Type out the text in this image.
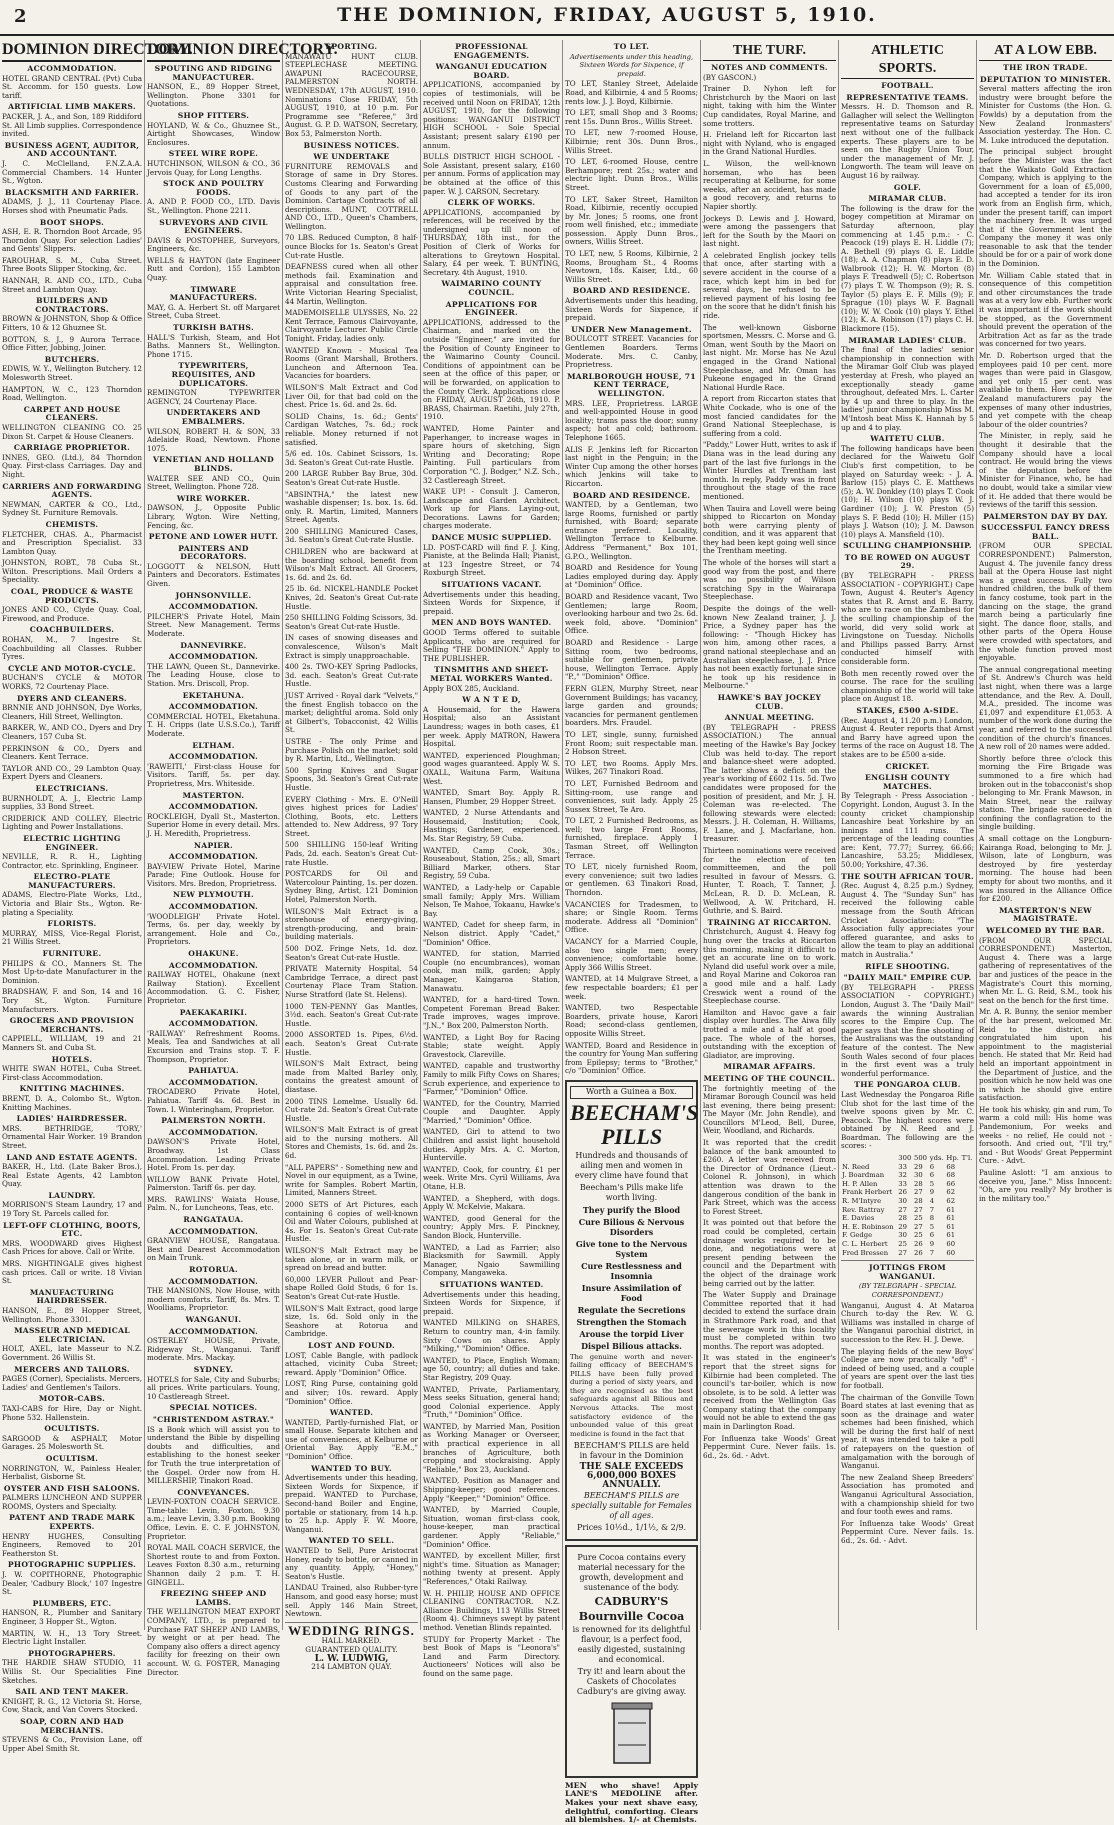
2	THE DOMINION, FRIDAY, AUGUST 5, 1910.
DOMINION DIRECTORY.
ACCOMMODATION.
HOTEL GRAND CENTRAL (Pvt) Cuba St. Accomm. for 150 guests. Low tariff.
ARTIFICIAL LIMB MAKERS.
PACKER, J. A., and Son, 189 Riddiford St. All Limb supplies. Correspondence invited.
BUSINESS AGENT, AUDITOR, AND ACCOUNTANT.
J. C. McClelland, F.N.Z.A.A. Commercial Chambers. 14 Hunter St., Wgton.
BLACKSMITH AND FARRIER.
ADAMS, J. J., 11 Courtenay Place. Horses shod with Pneumatic Pads.
BOOT SHOPS.
ASH, E. R. Thorndon Boot Arcade, 95 Thorndon Quay. For selection Ladies' and Gents' Slippers.
FAROUHAR, S. M., Cuba Street. Three Boots Slipper Stocking, &c.
HANNAH, R. AND CO., LTD., Cuba Street and Lambton Quay.
BUILDERS AND CONTRACTORS.
BROWN & JOHNSTON, Shop & Office Fitters, 10 & 12 Ghuznee St.
BOTTON, S. J., 9 Aurora Terrace. Office Fitter, Jobbing, Joiner.
BUTCHERS.
EDWIS, W. Y., Wellington Butchery. 12 Molesworth Street.
HAMPTON, W. C., 123 Thorndon Road, Wellington.
CARPET AND HOUSE CLEANERS.
WELLINGTON CLEANING CO. 25 Dixon St. Carpet & House Cleaners.
CARRIAGE PROPRIETOR.
INNES, GEO. (Ltd.), 84 Thorndon Quay. First-class Carriages. Day and Night.
CARRIERS AND FORWARDING AGENTS.
NEWMAN, CARTER & CO., Ltd., Sydney St. Furniture Removals.
CHEMISTS.
FLETCHER, CHAS. A., Pharmacist and Prescription Specialist. 33 Lambton Quay.
JOHNSTON, ROBT., 78 Cuba St., Wilton. Prescriptions. Mail Orders a Speciality.
COAL, PRODUCE & WASTE PRODUCTS.
JONES AND CO., Clyde Quay. Coal, Firewood, and Produce.
COACHBUILDERS.
ROHAN, M., 7 Ingestre St. Coachbuilding all Classes. Rubber Tyres.
CYCLE AND MOTOR-CYCLE.
BUCHAN'S CYCLE & MOTOR WORKS, 72 Courtenay Place.
DYERS AND CLEANERS.
BRNNIE AND JOHNSON, Dye Works, Cleaners, Hill Street, Wellington.
BARKER, W., AND CO., Dyers and Dry Cleaners, 157 Cuba St.
PERKINSON & CO., Dyers and Cleaners. Kent Terrace.
TAYLOR AND CO., 29 Lambton Quay. Expert Dyers and Cleaners.
ELECTRICIANS.
BURNHOLDT, A. J., Electric Lamp supplies, 33 Bond Street.
CRIDERICK AND COLLEY, Electric Lighting and Power Installations.
ELECTRIC LIGHTING ENGINEER.
NEVILLE, R. R. H., Lighting Contractor, etc. Sprinkling, Engineer.
ELECTRO-PLATE MANUFACTURERS.
ADAMS, Electro-Plate Works, Ltd., Victoria and Blair Sts., Wgton. Re-plating a Speciality.
FLORISTS.
MURRAY, MISS, Vice-Regal Florist, 21 Willis Street.
FURNITURE.
PHILIPS & CO., Manners St. The Most Up-to-date Manufacturer in the Dominion.
BRADSHAW, F. and Son, 14 and 16 Tory St., Wgton. Furniture Manufacturers.
GROCERS AND PROVISION MERCHANTS.
CAPPIELL, WILLIAM, 19 and 21 Manners St. and Cuba St.
HOTELS.
WHITE SWAN HOTEL, Cuba Street. First-class Accommodation.
KNITTING MACHINES.
BRENT, D. A., Colombo St., Wgton. Knitting Machines.
LADIES' HAIRDRESSER.
MRS. BETHRIDGE, 'TORY,' Ornamental Hair Worker. 19 Brandon Street.
LAND AND ESTATE AGENTS.
BAKER, H., Ltd. (Late Baker Bros.), Real Estate Agents, 42 Lambton Quay.
LAUNDRY.
MORRISON'S Steam Laundry, 17 and 19 Tory St. Parcels called for.
LEFT-OFF CLOTHING, BOOTS, ETC.
MRS. WOODWARD gives Highest Cash Prices for above. Call or Write.
MRS. NIGHTINGALE gives highest cash prices. Call or write. 18 Vivian St.
MANUFACTURING HAIRDRESSER.
HANSON, E., 89 Hopper Street, Wellington. Phone 3301.
MASSEUR AND MEDICAL ELECTRICIAN.
HOLT, AXEL, late Masseur to N.Z. Government. 26 Willis St.
MERCERS AND TAILORS.
PAGES (Corner), Specialists. Mercers, Ladies' and Gentlemen's Tailors.
MOTOR-CABS.
TAXI-CABS for Hire, Day or Night. Phone 532. Hallenstein.
OCULTISTS.
SARGOOD & ASPHALT, Motor Garages. 25 Molesworth St.
OCULTISM.
NORRINGTON, W., Painless Healer, Herbalist, Gisborne St.
OYSTER AND FISH SALOONS.
PALMERS LUNCHEON AND SUPPER ROOMS, Oysters and Specialty.
PATENT AND TRADE MARK EXPERTS.
HENRY HUGHES, Consulting Engineers, Removed to 201 Featherston St.
PHOTOGRAPHIC SUPPLIES.
J. W. COPITHORNE, Photographic Dealer, 'Cadbury Block,' 107 Ingestre St.
PLUMBERS, ETC.
HANSON, R., Plumber and Sanitary Engineer, 3 Hopper St., Wgton.
MARTIN, W. H., 13 Tory Street. Electric Light Installer.
PHOTOGRAPHERS.
THE HARDIE SHAW STUDIO, 11 Willis St. Our Specialities Fine Sketches.
SAIL AND TENT MAKER.
KNIGHT, R. G., 12 Victoria St. Horse, Cow, Stack, and Van Covers Stocked.
SOAP, CORN AND HAD MERCHANTS.
STEVENS & Co., Provision Lane, off Upper Abel Smith St.
DOMINION DIRECTORY.
SPOUTING AND RIDGING MANUFACTURER.
HANSON, E., 89 Hopper Street, Wellington. Phone 3301 for Quotations.
SHOP FITTERS.
HOYLAND, W. & Co., Ghuznee St., Airtight Showcases, Window Enclosures.
STEEL WIRE ROPE.
HUTCHINSON, WILSON & CO., 36 Jervois Quay, for Long Lengths.
STOCK AND POULTRY FOODS.
A. AND P. FOOD CO., LTD. Davis St., Wellington. Phone 2211.
SURVEYORS AND CIVIL ENGINEERS.
DAVIS & POSTOPHEE, Surveyors, Engineers, &c.
WELLS & HAYTON (late Engineer Rutt and Cordon), 155 Lambton Quay.
TIMWARE MANUFACTURERS.
MAY, G. A. Herbert St. off Margaret Street, Cuba Street.
TURKISH BATHS.
HALL'S Turkish, Steam, and Hot Baths. Manners St., Wellington. Phone 1715.
TYPEWRITERS, REQUISITES, AND DUPLICATORS.
REMINGTON TYPEWRITER AGENCY, 24 Courtenay Place.
UNDERTAKERS AND EMBALMERS.
WILSON, ROBERT H. & SON, 33 Adelaide Road, Newtown. Phone 1075.
VENETIAN AND HOLLAND BLINDS.
WALTER SEE AND CO., Quin Street, Wellington. Phone 728.
WIRE WORKER.
DAWSON, J., Opposite Public Library, Wgton. Wire Netting, Fencing, &c.
PETONE AND LOWER HUTT.
PAINTERS AND DECORATORS.
LOGGOTT & NELSON, Hutt Painters and Decorators. Estimates Given.
JOHNSONVILLE.
ACCOMMODATION.
PILCHER'S Private Hotel, Main Street. New Management. Terms Moderate.
DANNEVIRKE.
ACCOMMODATION.
THE LAWN, Queen St., Dannevirke. The Leading House, close to Station. Mrs. Driscoll, Prop.
EKETAHUNA.
ACCOMMODATION.
COMMERCIAL HOTEL, Eketahuna. T. H. Cripps (late U.S.S.Co.), Tariff Moderate.
ELTHAM.
ACCOMMODATION.
'RAWEITI,' First-class House for Visitors. Tariff, 5s. per day. Proprietress, Mrs. Whiteside.
MASTERTON.
ACCOMMODATION.
ROCKLEIGH, Dyall St., Masterton. Superior Home in every detail. Mrs. J. H. Meredith, Proprietress.
NAPIER.
ACCOMMODATION.
BAY-VIEW Private Hotel, Marine Parade; Fine Outlook. House for Visitors. Mrs. Bredon, Proprietress.
NEW PLYMOUTH.
ACCOMMODATION.
'WOODLEIGH' Private Hotel. Terms, 6s. per day, weekly by arrangement. Hole and Co., Proprietors.
OHAKUNE.
ACCOMMODATION.
RAILWAY HOTEL, Ohakune (next Railway Station). Excellent Accommodation. G. C. Fisher, Proprietor.
PAEKAKARIKI.
ACCOMMODATION.
'RAILWAY' Refreshment Rooms. Meals, Tea and Sandwiches at all Excursion and Trains stop. T. F. Thompson, Proprietor.
PAHIATUA.
ACCOMMODATION.
TROCADERO Private Hotel, Pahiatua. Tariff 4s. 6d. Best in Town. I. Winteringham, Proprietor.
PALMERSTON NORTH.
ACCOMMODATION.
DAWSON'S Private Hotel, Broadway. 1st Class Accommodation. Leading Private Hotel. From 1s. per day.
WILLOW BANK Private Hotel, Palmerston. Tariff 6s. per day.
MRS. RAWLINS' Waiata House, Palm. N., for Luncheons, Teas, etc.
RANGATAUA.
ACCOMMODATION.
GRANVIEW HOUSE, Rangataua. Best and Dearest Accommodation on Main Trunk.
ROTORUA.
ACCOMMODATION.
THE MANSIONS, Now House, with modern comforts. Tariff, 8s. Mrs. T. Woolliams, Proprietor.
WANGANUI.
ACCOMMODATION.
OSTERLEY HOUSE, Private, Ridgeway St., Wanganui. Tariff moderate. Mrs. Mackay.
SYDNEY.
HOTELS for Sale, City and Suburbs; all prices. Write particulars. Young, 10 Castlereagh Street.
SPECIAL NOTICES.
"CHRISTENDOM ASTRAY."
IS a Book which will assist you to understand the Bible by dispelling doubts and difficulties, and establishing to the honest seeker for Truth the true interpretation of the Gospel. Order now from H. MILLERSHIP, Tinakori Road.
CONVEYANCES.
LEVIN-FOXTON COACH SERVICE. Time-table: Levin, Foxton, 9.30 a.m.; leave Levin, 3.30 p.m. Booking Office, Levin. E. C. F. JOHNSTON, Proprietor.
ROYAL MAIL COACH SERVICE, the Shortest route to and from Foxton. Leaves Foxton 8.30 a.m., returning Shannon daily 2 p.m. T. H. GINGELL.
FREEZING SHEEP AND LAMBS.
THE WELLINGTON MEAT EXPORT COMPANY, LTD., is prepared to Purchase FAT SHEEP AND LAMBS, by weight or at per head. The Company also offers a direct agency facility for freezing on their own account. W. G. FOSTER, Managing Director.
SPORTING.
MANAWATU HUNT CLUB. STEEPLECHASE MEETING. AWAPUNI RACECOURSE, PALMERSTON NORTH. WEDNESDAY, 17th AUGUST, 1910. Nominations Close FRIDAY, 5th AUGUST, 1910, at 10 p.m. For Programme see "Referee," 3rd August. G. P. D. WATSON, Secretary, Box 53, Palmerston North.
BUSINESS NOTICES.
WE UNDERTAKE
FURNITURE REMOVALS and Storage of same in Dry Stores. Customs Clearing and Forwarding of Goods to any part of the Dominion. Cartage Contracts of all descriptions. MUNT, COTTRELL AND CO., LTD., Queen's Chambers, Wellington.
70 LBS. Reduced Cumpton, 8 half-ounce Blocks for 1s. Seaton's Great Cut-rate Hustle.
DEAFNESS cured when all other methods fail. Examination and appraisal and consultation free. Write Victorian Hearing Specialist, 44 Martin, Wellington.
MADEMOISELLE ULYSSES, No. 22 Kent Terrace, Famous Clairvoyante, Clairvoyante Lecturer. Public Circle Tonight. Friday, ladies only.
WANTED Known - Musical Tea Rooms (Grant Marshall, Brothers. Luncheon and Afternoon Tea. Vacancies for boarders.
WILSON'S Malt Extract and Cod Liver Oil, for that bad cold on the chest. Price 1s. 6d. and 2s. 6d.
SOLID Chains, 1s. 6d.; Gents' Cardigan Watches, 7s. 6d.; rock reliable. Money returned if not satisfied.
5/6 ed. 10s. Cabinet Scissors, 1s. 3d. Seaton's Great Cut-rate Hustle.
200 LARGE Rubber Bay Brue, 30d. Seaton's Great Cut-rate Hustle.
"ABSINTHA," the latest new washable dispenser; 1s. box. 1s. 6d. only. R. Martin, Limited, Manners Street. Agents.
200 SHILLING Manicured Cases, 3d. Seaton's Great Cut-rate Hustle.
CHILDREN who are backward at the boarding school, benefit from Wilson's Malt Extract. All Grocers, 1s. 6d. and 2s. 6d.
25 lb. 6d. NICKEL-HANDLE Pocket Knives, 2d. Seaton's Great Cut-rate Hustle.
250 SHILLING Folding Scissors, 3d. Seaton's Great Cut-rate Hustle.
IN cases of snowing diseases and convalescence, Wilson's Malt Extract is simply unapproachable.
400 2s. TWO-KEY Spring Padlocks, 3d. each. Seaton's Great Cut-rate Hustle.
JUST Arrived - Royal dark "Velvets," the finest English tobacco on the market; delightful aroma. Sold only at Gilbert's, Tobacconist, 42 Willis St.
USTRE - The only Prime and Purchase Polish on the market; sold by R. Martin, Ltd., Wellington.
500 Spring Knives and Sugar Spoons, 3d. Seaton's Great Cut-rate Hustle.
EVERY Clothing - Mrs. E. O'Neill gives highest prices for Ladies' Clothing, Boots, etc. Letters attended to. New Address, 97 Tory Street.
500 SHILLING 150-leaf Writing Pads, 2d. each. Seaton's Great Cut-rate Hustle.
POSTCARDS for Oil and Watercolour Painting, 1s. per dozen. Sydney Bing, Artist, 121 Dominion Hotel, Palmerston North.
WILSON'S Malt Extract is a storehouse of energy-giving, strength-producing, and brain-building materials.
500 DOZ. Fringe Nets, 1d. doz. Seaton's Great Cut-rate Hustle.
PRIVATE Maternity Hospital, 54 Cambridge Terrace, a direct past Courtenay Place Tram Station. Nurse Stratford (late St. Helens).
1000 TEN-PENNY Gas Mantles, 3½d. each. Seaton's Great Cut-rate Hustle.
2000 ASSORTED 1s. Pipes, 6½d. each. Seaton's Great Cut-rate Hustle.
WILSON'S Malt Extract, being made from Malted Barley only, contains the greatest amount of diastase.
2000 TINS Lomelme. Usually 6d. Cut-rate 2d. Seaton's Great Cut-rate Hustle.
WILSON'S Malt Extract is of great aid to the nursing mothers. All Stores and Chemists, 1s. 6d. and 2s. 6d.
"ALL PAPERS" - Something new and Novel in our equipment, as a Twine, write for Samples. Robert Martin, Limited, Manners Street.
2000 SETS of Art Pictures, each containing 6 copies of well-known Oil and Water Colours, published at 4s. For 1s. Seaton's Great Cut-rate Hustle.
WILSON'S Malt Extract may be taken alone, or in warm milk, or spread on bread and butter.
60,000 LEVER Pullout and Pear-shape Rolled Gold Studs, 6 for 1s. Seaton's Great Cut-rate Hustle.
WILSON'S Malt Extract, good large size, 1s. 6d. Sold only in the Seashore at Rotorua and Cambridge.
LOST AND FOUND.
LOST, Cable Bangle, with padlock attached, vicinity Cuba Street; reward. Apply "Dominion" Office.
LOST, Ring Purse, containing gold and silver; 10s. reward. Apply "Dominion" Office.
WANTED.
WANTED, Partly-furnished Flat, or small House. Separate kitchen and use of conveniences, at Kelburne or Oriental Bay. Apply "E.M.," "Dominion" Office.
WANTED TO BUY.
Advertisements under this heading, Sixteen Words for Sixpence, if prepaid. WANTED to Purchase, Second-hand Boiler and Engine, portable or stationary, from 14 h.p. to 25 h.p. Apply F. W. Moore, Wanganui.
WANTED TO SELL.
WANTED to Sell, Pure Aristocrat Honey, ready to bottle, or canned in any quantity. Apply, "Honey," Seaton's Hustle.
LANDAU Trained, also Rubber-tyre Hansom, and good easy horse; must sell. Apply 146 Main Street, Newtown.
WEDDING RINGS.
HALL MARKED.
GUARANTEED QUALITY.
L. W. LUDWIG,
214 LAMBTON QUAY.
PROFESSIONAL ENGAGEMENTS.
WANGANUI EDUCATION BOARD.
APPLICATIONS, accompanied by copies of testimonials, will be received until Noon on FRIDAY, 12th AUGUST, 1910, for the following positions: WANGANUI DISTRICT HIGH SCHOOL - Sole Special Assistant; present salary £190 per annum.
BULLS DISTRICT HIGH SCHOOL - Sole Assistant, present salary, £160 per annum. Forms of application may be obtained at the office of this paper. W. J. CARSON, Secretary.
CLERK OF WORKS.
APPLICATIONS, accompanied by references, will be received by the undersigned up till noon of THURSDAY, 18th inst., for the Position of Clerk of Works for alterations to Greytown Hospital. Salary, £4 per week. T. BUNTING, Secretary. 4th August, 1910.
WAIMARINO COUNTY COUNCIL.
APPLICATIONS FOR ENGINEER.
APPLICATIONS, addressed to the Chairman, and marked on the outside "Engineer," are invited for the Position of County Engineer to the Waimarino County Council. Conditions of appointment can be seen at the office of this paper, or will be forwarded, on application to the County Clerk. Applications close on FRIDAY, AUGUST 26th, 1910. P. BRASS, Chairman. Raetihi, July 27th, 1910.
WANTED, Home Painter and Paperhanger, to increase wages in spare hours of sketching, Sign Writing and Decorating; Rope Painting. Full particulars from Corporation "C. J. Bodger," N.Z. Sch., 32 Castlereagh Street.
WAKE UP! - Consult J. Cameron, Landscape and Garden Architect. Work up for Plans. Laying-out, Decorations. Lawns for Garden; charges moderate.
DANCE MUSIC SUPPLIED.
LD. POST-CARD will find F. J. King, Pianiste, at the Belinda Hall; Pianist, at 123 Ingestre Street, or 74 Roxburgh Street.
SITUATIONS VACANT.
Advertisements under this heading, Sixteen Words for Sixpence, if prepaid.
MEN AND BOYS WANTED.
GOOD Terms offered to suitable Applicants, who are required for Selling "THE DOMINION." Apply to THE PUBLISHER.
TINSMITHS AND SHEET-METAL WORKERS Wanted.
Apply BOX 285, Auckland.
W A N T E D,
A Housemaid, for the Hawera Hospital; also an Assistant Laundress; wages in both cases, £1 per week. Apply MATRON, Hawera Hospital.
WANTED, experienced Ploughman; good wages guaranteed. Apply W. S. OXALL, Waituna Farm, Waituna West.
WANTED, Smart Boy. Apply R. Hansen, Plumber, 29 Hopper Street.
WANTED, 2 Nurse Attendants and Housemaid, Institution; Cook, Hastings; Gardener, experienced. Ms. Star Registry, 59 Cuba.
WANTED, Camp Cook, 30s.; Rouseabout, Station, 25s.; all, Smart Billiard Marker, others. Star Registry, 59 Cuba.
WANTED, a Lady-help or Capable small family; Apply Mrs. William Nelson, Te Mahoe, Tokaanu, Hawke's Bay.
WANTED, Cadet for sheep farm, in Nelson district. Apply "Cadet," "Dominion" Office.
WANTED, for station, Married Couple (no encumbrances), woman cook, man milk, garden; Apply Manager, Kaingaroa Station, Manawatu.
WANTED, for a hard-tired Town. Competent Foreman Bread Baker. Trade improves, wages improve. "J.N.," Box 200, Palmerston North.
WANTED, a Light Boy for Racing Stable; state weight. Apply Gravestock, Clareville.
WANTED, capable and trustworthy Family to milk Fifty Cows on Shares; Scrub experience, and experience to "Farmer," "Dominion" Office.
WANTED, for the Country, Married Couple and Daughter. Apply "Married," "Dominion" Office.
WANTED, Girl to attend to two Children and assist light household duties. Apply Mrs. A. C. Morton, Hunterville.
WANTED, Cook, for country, £1 per week. Write Mrs. Cyril Williams, Ava Otane, H.B.
WANTED, a Shepherd, with dogs. Apply W. McKelvie, Makara.
WANTED, good General for the country; Apply Mrs. F. Pinckney, Sandon Block, Hunterville.
WANTED, a Lad as Farrier; also Blacksmith for Sawmill. Apply Manager, Ngaio Sawmilling Company, Mangaweka.
SITUATIONS WANTED.
Advertisements under this heading, Sixteen Words for Sixpence, if prepaid.
WANTED MILKING on SHARES, Return to country man, 4-in family. Sixty Cows on shares. Apply "Milking," "Dominion" Office.
WANTED, to Place, English Woman; age 50, country; all duties and take. Star Registry, 209 Quay.
WANTED, Private, Parliamentary, Mess seeks Situation, general hand; good Colonial experience. Apply "Truth," "Dominion" Office.
WANTED, by Married Man, Position as Working Manager or Overseer, with practical experience in all branches of Agriculture, both cropping and stockraising. Apply "Reliable," Box 23, Auckland.
WANTED, Position as Manager and Shipping-keeper; good references. Apply "Keeper," "Dominion" Office.
WANTED, by Married Couple, Situation, woman first-class cook, house-keeper, man practical gardener. Apply "Reliable," "Dominion" Office.
WANTED, by excellent Miller, first night's time. Situation as Manager; nothing twenty at present. Apply "References," Otaki Railway.
W. H. PHILIP, HOUSE AND OFFICE CLEANING CONTRACTOR. N.Z. Alliance Buildings, 113 Willis Street (Room 4). Chimneys swept by patent method. Venetian Blinds repainted.
STUDY for Property Market - The best Book of Maps is "Leonora's" Land and Farm Directory. Auctioneers' Notices will also be found on the same page.
TO LET.
Advertisements under this heading, Sixteen Words for Sixpence, if prepaid.
TO LET, Stanley Street, Adelaide Road, and Kilbirnie, 4 and 5 Rooms; rents low. J. J. Boyd, Kilbirnie.
TO LET, small Shop and 3 Rooms; rent 15s. Dunn Bros., Willis Street.
TO LET, new 7-roomed House, Kilbirnie; rent 30s. Dunn Bros., Willis Street.
TO LET, 6-roomed House, centre Berhampore; rent 25s.; water and electric light. Dunn Bros., Willis Street.
TO LET, Saker Street, Hamilton Road, Kilbirnie, recently occupied by Mr. Jones; 5 rooms, one front room well finished, etc.; immediate possession. Apply Dunn Bros., owners, Willis Street.
TO LET, new, 5 Rooms, Kilbirnie, 2 Rooms, Brougham St., 4 Rooms Newtown, 18s. Kaiser, Ltd., 60 Willis Street.
BOARD AND RESIDENCE.
Advertisements under this heading, Sixteen Words for Sixpence, if prepaid.
UNDER New Management.
BOULCOTT STREET. Vacancies for Gentlemen Boarders. Terms Moderate. Mrs. C. Canby, Proprietress.
MARLBOROUGH HOUSE, 71 KENT TERRACE, WELLINGTON.
MRS. LEE, Proprietress. LARGE and well-appointed House in good locality; trams pass the door; sunny aspect; hot and cold; bathroom. Telephone 1665.
ALIS F. Jenkins left for Riccarton last night in the Penguin; in the Winter Cup among the other horses which Jenkins will take to Riccarton.
BOARD AND RESIDENCE.
WANTED, by a Gentleman, two large Rooms, furnished or partly furnished, with Board; separate entrance preferred. Locality, Wellington Terrace to Kelburne. Address "Permanent," Box 101, G.P.O., Wellington.
BOARD and Residence for Young Ladies employed during day. Apply at "Dominion" Office.
BOARD and Residence vacant, Two Gentlemen; large Room, overlooking harbour and two 2s. 6d. week fold, above. "Dominion" Office.
BOARD and Residence - Large Sitting room, two bedrooms, suitable for gentlemen, private house, Wellington Terrace. Apply "P.," "Dominion" Office.
FERN GLEN, Murphy Street, near Government Buildings; has vacancy, large garden and grounds; vacancies for permanent gentlemen boarders. Mrs. Fraudel.
TO LET, single, sunny, furnished Front Room; suit respectable man. 2 Hobson Street.
TO LET, two Rooms. Apply Mrs. Wilkes, 267 Tinakori Road.
TO LET, Furnished Bedroom and Sitting-room, use range and conveniences, suit lady. Apply 25 Sussex Street, Te Aro.
TO LET, 2 Furnished Bedrooms, as well; two large Front Rooms, furnished, fireplace. Apply 1 Tasman Street, off Wellington Terrace.
TO LET, nicely furnished Room, every convenience; suit two ladies or gentlemen. 63 Tinakori Road, Thorndon.
VACANCIES for Tradesmen, to share; or Single Room. Terms moderate. Address all "Dominion" Office.
VACANCY for a Married Couple, also two single men; every convenience; comfortable home. Apply 366 Willis Street.
WANTED, at 14 Mulgrave Street, a few respectable boarders; £1 per week.
WANTED, two Respectable Boarders, private house, Karori Road; second-class gentlemen, opposite Willis Street.
WANTED, Board and Residence in the country for Young Man suffering from Epilepsy; terms to "Brother," c/o "Dominion" Office.
Worth a Guinea a Box.
BEECHAM'S
PILLS
Hundreds and thousands of ailing men and women in every clime have found that
Beecham's Pills make life worth living.
They purify the Blood
Cure Bilious & Nervous Disorders
Give tone to the Nervous System
Cure Restlessness and Insomnia
Insure Assimilation of Food
Regulate the Secretions
Strengthen the Stomach
Arouse the torpid Liver
Dispel Bilious attacks.
The genuine worth and never-failing efficacy of BEECHAM'S PILLS have been fully proved during a period of sixty years, and they are recognised as the best safeguards against all Bilious and Nervous Attacks. The most satisfactory evidence of the unbounded value of this great medicine is found in the fact that
BEECHAM'S PILLS are held in favour in the Dominion
THE SALE EXCEEDS 6,000,000 BOXES ANNUALLY.
BEECHAM'S PILLS are specially suitable for Females of all ages.
Prices 10½d., 1/1½, & 2/9.
Pure Cocoa contains every material necessary for the growth, development and sustenance of the body.
CADBURY'S
Bournville Cocoa
is renowned for its delightful flavour, is a perfect food, easily digested, sustaining and economical.
Try it! and learn about the Caskets of Chocolates Cadbury's are giving away.
MEN who shave! Apply LANE'S MEDOLINE after. Makes your next shave easy, delightful, comforting. Clears all blemishes. 1/- at Chemists.
THE TURF.
NOTES AND COMMENTS.
(BY GASCON.)
Trainer D. Nyhon left for Christchurch by the Maori on last night, taking with him the Winter Cup candidates, Royal Marine, and some trotters.
H. Frieland left for Riccarton last night with Nyland, who is engaged in the Grand National Hurdles.
L. Wilson, the well-known horseman, who has been recuperating at Kelburne, for some weeks, after an accident, has made a good recovery, and returns to Napier shortly.
Jockeys D. Lewis and J. Howard, were among the passengers that left for the South by the Maori on last night.
A celebrated English jockey tells that once, after starting with a severe accident in the course of a race, which kept him in bed for several days, he refused to be relieved payment of his losing fee on the score that he didn't finish his ride.
The well-known Gisborne sportsmen, Messrs. C. Morse and G. Oman, went South by the Maori on last night. Mr. Morse has Ne Azul engaged in the Grand National Steeplechase, and Mr. Oman has Pukeone engaged in the Grand National Hurdle Race.
A report from Riccarton states that White Cockade, who is one of the most fancied candidates for the Grand National Steeplechase, is suffering from a cold.
"Paddy," Lower Hutt, writes to ask if Diana was in the lead during any part of the last five furlongs in the Winter Hurdles at Trentham last month. In reply, Paddy was in front throughout the stage of the race mentioned.
When Tauira and Lovell were being shipped to Riccarton on Monday both were carrying plenty of condition, and it was apparent that they had been kept going well since the Trentham meeting.
The whole of the horses will start a good way from the post, and there was no possibility of Wilson scratching Spy in the Wairarapa Steeplechase.
Despite the doings of the well-known New Zealand trainer, J. J. Price, a Sydney paper has the following: - "Though Hickey has won him, among other races, a grand national steeplechase and an Australian steeplechase, J. J. Price has not been exactly fortunate since he took up his residence in Melbourne."
HAWKE'S BAY JOCKEY CLUB.
ANNUAL MEETING.
(BY TELEGRAPH - PRESS ASSOCIATION.) The annual meeting of the Hawke's Bay Jockey Club was held to-day. The report and balance-sheet were adopted. The latter shows a deficit on the year's working of £602 11s. 5d. Two candidates were proposed for the position of president, and Mr. J. H. Coleman was re-elected. The following stewards were elected: Messrs. J. H. Coleman, H. Williams, F. Lane, and J. Macfarlane, hon. treasurer.
Thirteen nominations were received for the election of ten committeemen, and the poll resulted in favour of Messrs. G. Hunter, T. Roach, T. Tanner, J. McLean, R. D. D. McLean, R. Wellwood, A. W. Pritchard, H. Guthrie, and S. Baird.
TRAINING AT RICCARTON.
Christchurch, August 4. Heavy fog hung over the tracks at Riccarton this morning, making it difficult to get an accurate line on to work. Nyland did useful work over a mile, and Royal Marine and Cokoroa ran a good mile and a half. Lady Creswick went a round of the Steeplechase course.
Hamilton and Havoc gave a fair display over hurdles. The Aiwa filly trotted a mile and a half at good pace. The whole of the horses, outstanding with the exception of Gladiator, are improving.
MIRAMAR AFFAIRS.
MEETING OF THE COUNCIL.
The fortnightly meeting of the Miramar Borough Council was held last evening, there being present: The Mayor (Mr. John Rendle), and Councillors M'Leod, Bell, Duree, Weir, Woodland, and Richards.
It was reported that the credit balance of the bank amounted to £260. A letter was received from the Director of Ordnance (Lieut.-Colonel R. Johnson), in which attention was drawn to the dangerous condition of the bank in Park Street, which was the access to Forest Street.
It was pointed out that before the road could be completed, certain drainage works required to be done, and negotiations were at present pending between the council and the Department with the object of the drainage work being carried out by the latter.
The Water Supply and Drainage Committee reported that it had decided to extend the surface drain in Strathmore Park road, and that the sewerage work in this locality must be completed within two months. The report was adopted.
It was stated in the engineer's report that the street signs for Kilbirnie had been completed. The council's tar-boiler, which is now obsolete, is to be sold. A letter was received from the Wellington Gas Company stating that the company would not be able to extend the gas main in Darlington Road.
For Influenza take Woods' Great Peppermint Cure. Never fails. 1s. 6d., 2s. 6d. - Advt.
ATHLETIC SPORTS.
FOOTBALL.
REPRESENTATIVE TEAMS.
Messrs. H. D. Thomson and R. Gallagher will select the Wellington representative teams on Saturday next without one of the fullback experts. These players are to be seen on the Rugby Union Tour, under the management of Mr. J. Longworth. The team will leave on August 16 by railway.
GOLF.
MIRAMAR CLUB.
The following is the draw for the bogey competition at Miramar on Saturday afternoon, play commencing at 1.45 p.m.: - C. Peacock (19) plays E. H. Liddle (7); A. Bethell (9) plays G. E. Liddle (18); A. A. Chapman (8) plays E. D. Walbrook (12); H. W. Morton (8) plays F. Treadwell (5); C. Robertson (7) plays T. W. Thompson (9); R. S. Taylor (5) plays E. F. Mills (9); F. Sprague (10) plays W. F. Bagnall (10); W. W. Cook (10) plays Y. Ethel (12); K. A. Robinson (17) plays C. H. Blackmore (15).
MIRAMAR LADIES' CLUB.
The final of the ladies' senior championship in connection with the Miramar Golf Club was played yesterday at Fresh, who played an exceptionally steady game throughout, defeated Mrs. L. Carter by 4 up and three to play. In the ladies' junior championship Miss M. M'Intosh beat Miss K. Hannah by 5 up and 4 to play.
WAITETU CLUB.
The following handicaps have been declared for the Waiwetu Golf Club's first competition, to be played on Saturday week: - J. A. Barlow (15) plays C. E. Matthews (5); A. W. Donkley (10) plays T. Cook (10); H. Wilson (10) plays W. J. Gardiner (10); J. W. Preston (5) plays S. F. Bedd (10); H. Miller (15) plays J. Watson (10); J. M. Dawson (10) plays A. Mansfield (10).
SCULLING CHAMPIONSHIP.
TO BE ROWED ON AUGUST 29.
(BY TELEGRAPH - PRESS ASSOCIATION - COPYRIGHT.) Cape Town, August 4. Reuter's Agency states that R. Arnst and E. Barry, who are to race on the Zambesi for the sculling championship of the world, did very solid work at Livingstone on Tuesday. Nicholls and Phillips passed Barry. Arnst conducted himself with considerable form.
Both men recently rowed over the course. The race for the sculling championship of the world will take place on August 18.
STAKES, £500 A-SIDE.
(Rec. August 4, 11.20 p.m.) London, August 4. Reuter reports that Arnst and Barry have agreed upon the terms of the race on August 18. The stakes are to be £500 a-side.
CRICKET.
ENGLISH COUNTY MATCHES.
By Telegraph - Press Association - Copyright. London, August 3. In the county cricket championship Lancashire beat Yorkshire by an innings and 111 runs. The percentage of the leading counties are: Kent, 77.77; Surrey, 66.66; Lancashire, 53.25; Middlesex, 50.00; Yorkshire, 47.36.
THE SOUTH AFRICAN TOUR.
(Rec. August 4, 8.25 p.m.) Sydney, August 4. The "Sunday Sun" has received the following cable message from the South African Cricket Association: "The Association fully appreciates your offered guarantee, and asks to allow the team to play an additional match in Australia."
RIFLE SHOOTING.
"DAILY MAIL" EMPIRE CUP.
(BY TELEGRAPH - PRESS ASSOCIATION - COPYRIGHT.) London, August 3. The "Daily Mail" awards the winning Australian scores to the Empire Cup. The paper says that the fine shooting of the Australians was the outstanding feature of the contest. The New South Wales second of four places in the first event was a truly wonderful performance.
THE PONGAROA CLUB.
Last Wednesday the Pongaroa Rifle Club shot for the last time of the twelve spoons given by Mr. C. Peacock. The highest scores were obtained by N. Reed and J. Boardman. The following are the scores: -
	300	500	yds.	Hp.	T'l.
N. Reed	33	29	6	68	
J. Boardman	32	30	6	68	
H. P. Allen	33	28	5	66	
Frank Herbert	26	27	9	62	
R. M'Intyre	30	28	4	62	
Rev. Rattray	27	27	7	61	
E. Davies	28	25	8	61	
H. E. Robinson	29	27	5	61	
F. Gedge	30	25	6	61	
C. L. Herbert	25	26	9	60	
Fred Bressen	27	26	7	60	
JOTTINGS FROM WANGANUI.
(BY TELEGRAPH - SPECIAL CORRESPONDENT.)
Wanganui, August 4. At Mataroa Church to-day the Rev. W. G. Williams was installed in charge of the Wanganui parochial district, in succession to the Rev. H. J. Dewe.
The playing fields of the new Boys' College are now practically "off" - indeed of being used, and a couple of years are spent over the last ties for football.
The chairman of the Gonville Town Board states at last evening that as soon as the drainage and water schemes had been finished, which will be during the first half of next year, it was intended to take a poll of ratepayers on the question of amalgamation with the borough of Wanganui.
The new Zealand Sheep Breeders' Association has promoted and Wanganui Agricultural Association, with a championship shield for two and four tooth ewes and rams.
For Influenza take Woods' Great Peppermint Cure. Never fails. 1s. 6d., 2s. 6d. - Advt.
AT A LOW EBB.
THE IRON TRADE.
DEPUTATION TO MINISTER.
Several matters affecting the iron industry were brought before the Minister for Customs (the Hon. G. Fowlds) by a deputation from the New Zealand Ironmasters' Association yesterday. The Hon. C. M. Luke introduced the deputation.
The principal subject brought before the Minister was the fact that the Waikato Gold Extraction Company, which is applying to the Government for a loan of £5,000, had accepted a tender for its iron work from an English firm, which, under the present tariff, can import the machinery free. It was urged that if the Government lent the Company the money it was only reasonable to ask that the tender should be for or a pair of work done in the Dominion.
Mr. William Cable stated that in consequence of this competition and other circumstances the trade was at a very low ebb. Further work it was important if the work should be stopped, as the Government should prevent the operation of the Arbitration Act as far as the trade was concerned for two years.
Mr. D. Robertson urged that the employees paid 10 per cent. more wages than were paid in Glasgow, and yet only 15 per cent. was available to them. How could New Zealand manufacturers pay the expenses of many other industries, and yet compete with the cheap labour of the older countries?
The Minister, in reply, said he thought it desirable that the Company should have a local contract. He would bring the views of the deputation before the Minister for Finance, who, he had no doubt, would take a similar view of it. He added that there would be reviews of the tariff this session.
PALMERSTON DAY BY DAY.
SUCCESSFUL FANCY DRESS BALL.
(FROM OUR SPECIAL CORRESPONDENT.) Palmerston, August 4. The juvenile fancy dress ball at the Opera House last night was a great success. Fully two hundred children, the bulk of them in fancy costume, took part in the dancing on the stage, the grand march being a particularly fine sight. The dance floor, stalls, and other parts of the Opera House were crowded with spectators, and the whole function proved most enjoyable.
The annual congregational meeting of St. Andrew's Church was held last night, when there was a large attendance, and the Rev. A. Doull, M.A., presided. The income was £1,097 and expenditure £1,053. A number of the work done during the year, and referred to the successful condition of the church's finances. A new roll of 20 names were added.
Shortly before three o'clock this morning the Fire Brigade was summoned to a fire which had broken out in the tobacconist's shop belonging to Mr. Frank Mawson, in Main Street, near the railway station. The brigade succeeded in confining the conflagration to the single building.
A small cottage on the Longburn-Kairanga Road, belonging to Mr. J. Wilson, late of Longburn, was destroyed by fire yesterday morning. The house had been empty for about two months, and it was insured in the Alliance Office for £200.
MASTERTON'S NEW MAGISTRATE.
WELCOMED BY THE BAR.
(FROM OUR SPECIAL CORRESPONDENT.) Masterton, August 4. There was a large gathering of representatives of the bar and justices of the peace in the Magistrate's Court this morning, when Mr. L. G. Reid, S.M., took his seat on the bench for the first time.
Mr. A. R. Bunny, the senior member of the bar present, welcomed Mr. Reid to the district, and congratulated him upon his appointment to the magisterial bench. He stated that Mr. Reid had held an important appointment in the Department of Justice, and the position which he now held was one in which he should give entire satisfaction.
He took his whisky, gin and rum, To warm a cold mill: His home was Pandemonium, For weeks and weeks - no relief, He could not - forsooth. And cried out, "I'll try," and - But Woods' Great Peppermint Cure. - Advt.
Pauline Aslott: "I am anxious to deceive you, Jane." Miss Innocent: "Oh, are you really? My brother is in the military too."
